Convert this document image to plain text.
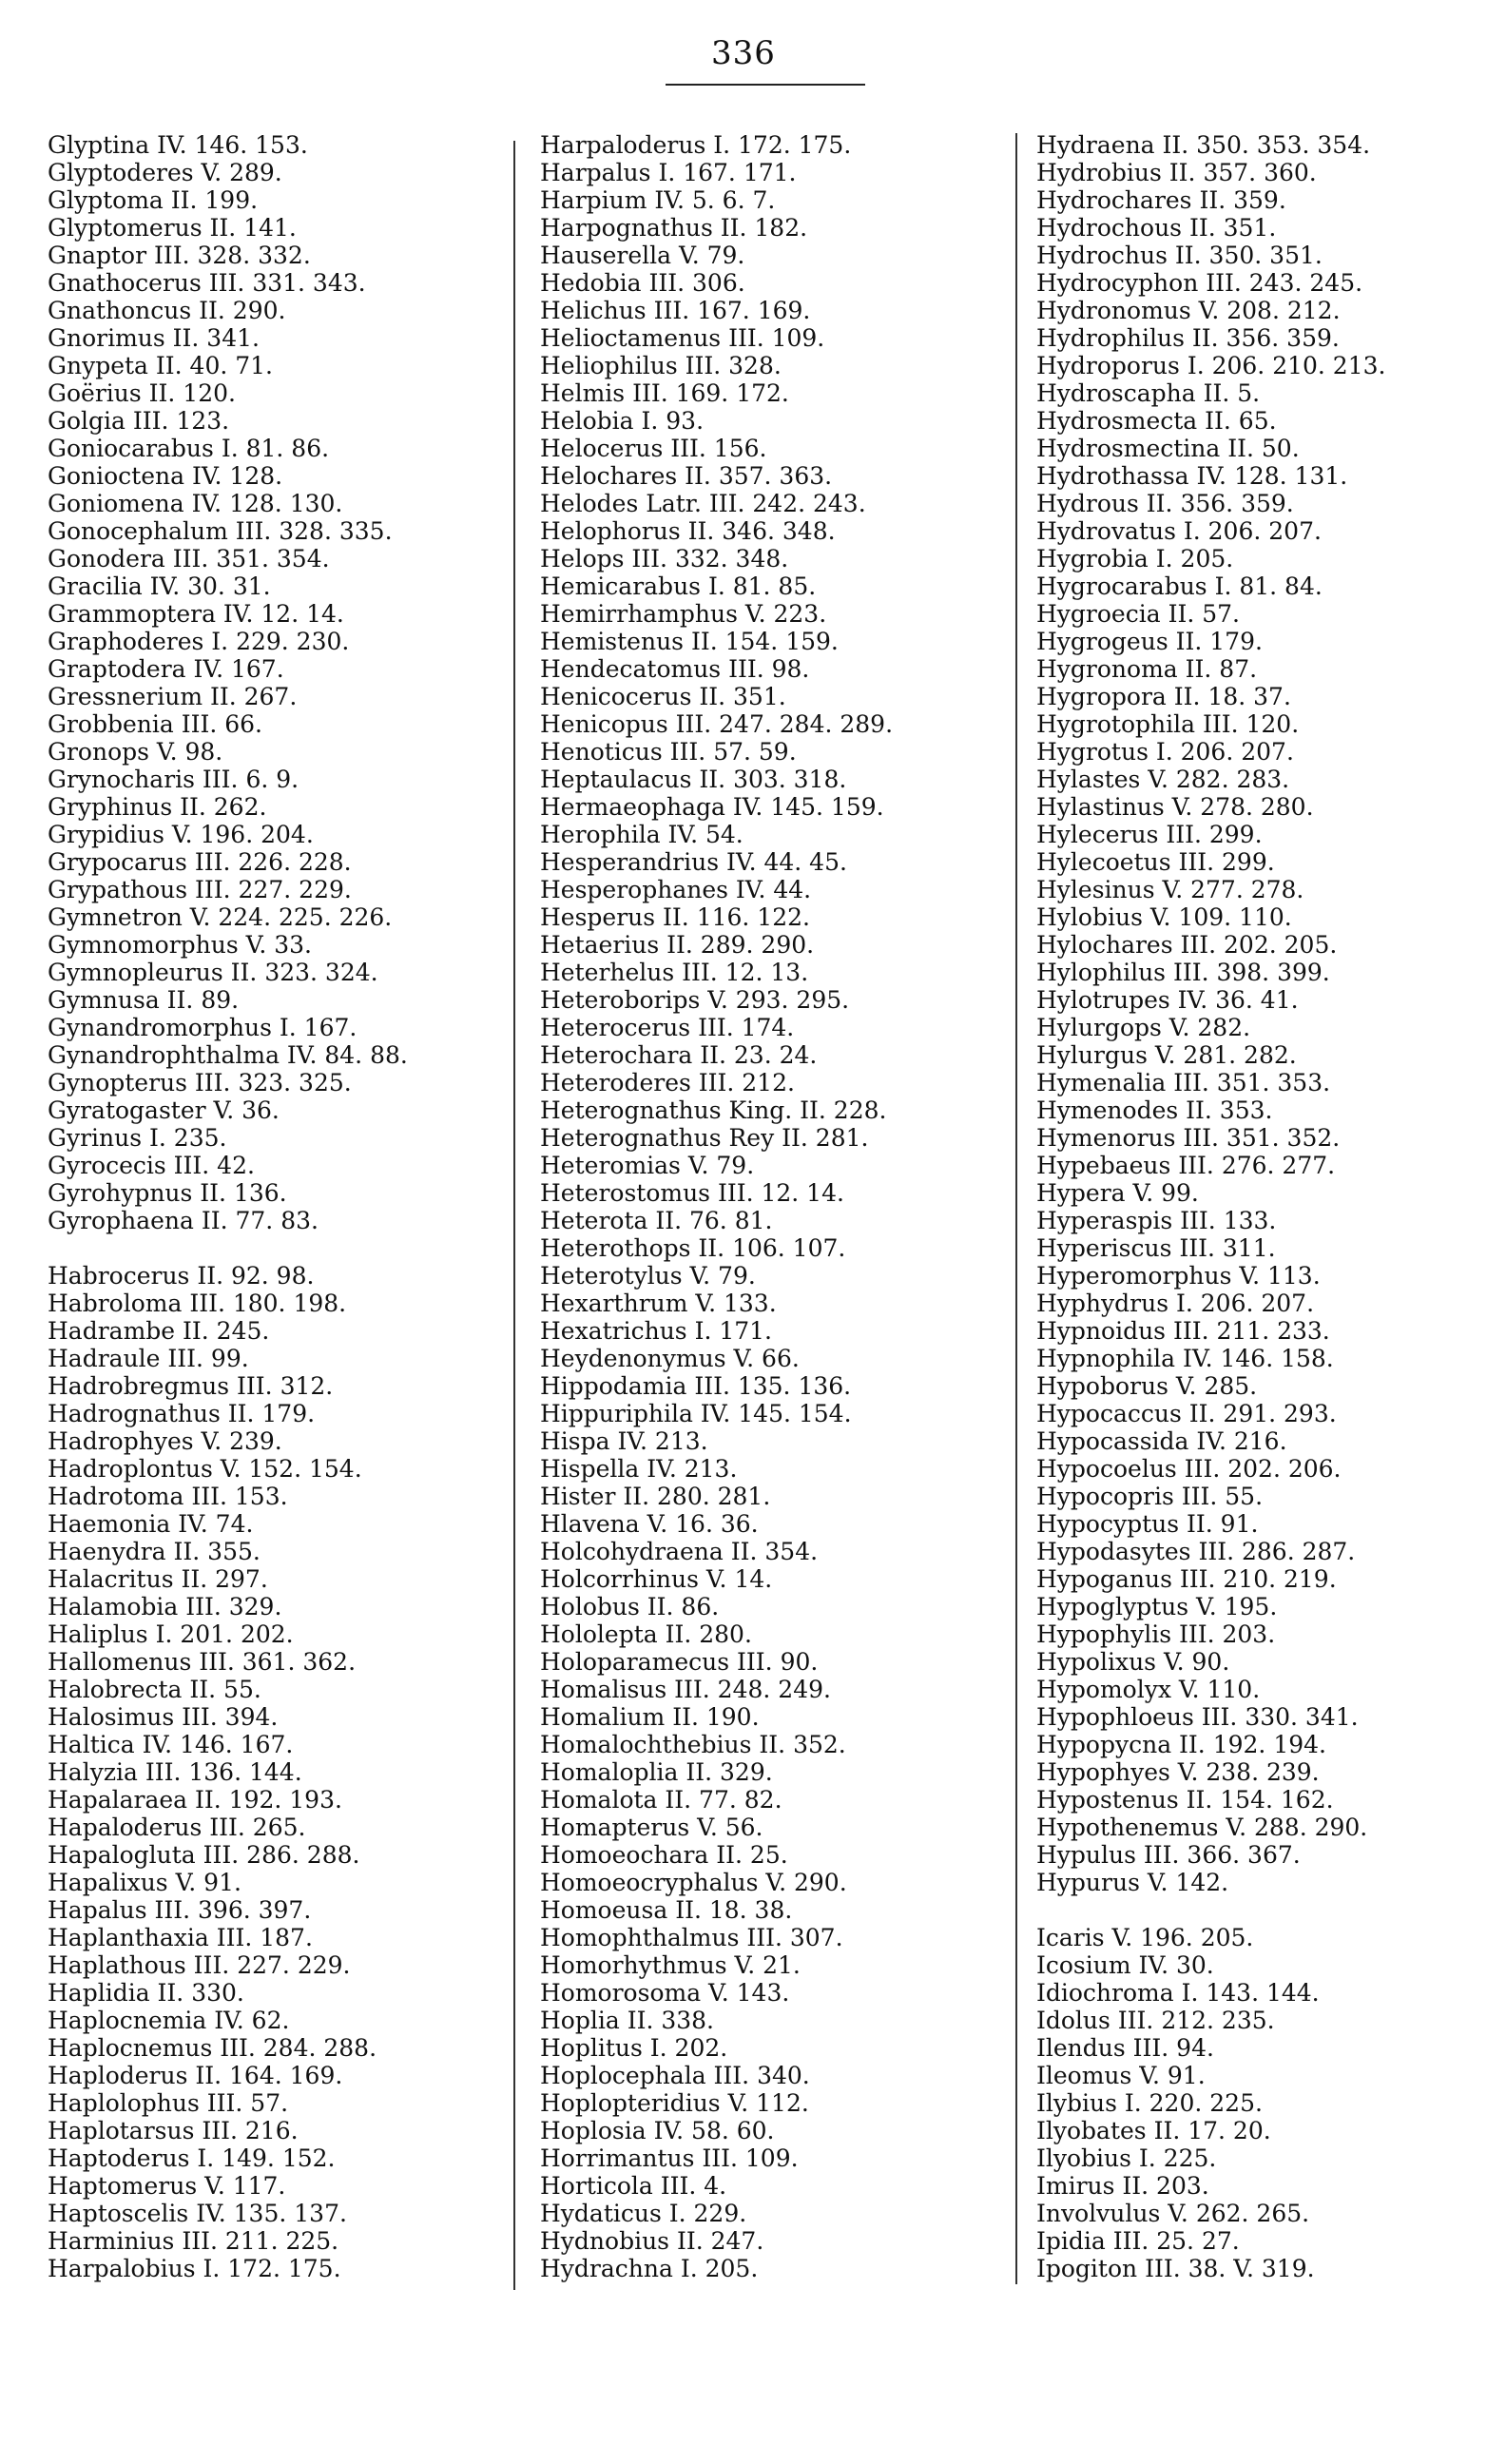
336
Glyptina IV. 146. 153.
Glyptoderes V. 289.
Glyptoma II. 199.
Glyptomerus II. 141.
Gnaptor III. 328. 332.
Gnathocerus III. 331. 343.
Gnathoncus II. 290.
Gnorimus II. 341.
Gnypeta II. 40. 71.
Goërius II. 120.
Golgia III. 123.
Goniocarabus I. 81. 86.
Gonioctena IV. 128.
Goniomena IV. 128. 130.
Gonocephalum III. 328. 335.
Gonodera III. 351. 354.
Gracilia IV. 30. 31.
Grammoptera IV. 12. 14.
Graphoderes I. 229. 230.
Graptodera IV. 167.
Gressnerium II. 267.
Grobbenia III. 66.
Gronops V. 98.
Grynocharis III. 6. 9.
Gryphinus II. 262.
Grypidius V. 196. 204.
Grypocarus III. 226. 228.
Grypathous III. 227. 229.
Gymnetron V. 224. 225. 226.
Gymnomorphus V. 33.
Gymnopleurus II. 323. 324.
Gymnusa II. 89.
Gynandromorphus I. 167.
Gynandrophthalma IV. 84. 88.
Gynopterus III. 323. 325.
Gyratogaster V. 36.
Gyrinus I. 235.
Gyrocecis III. 42.
Gyrohypnus II. 136.
Gyrophaena II. 77. 83.
Habrocerus II. 92. 98.
Habroloma III. 180. 198.
Hadrambe II. 245.
Hadraule III. 99.
Hadrobregmus III. 312.
Hadrognathus II. 179.
Hadrophyes V. 239.
Hadroplontus V. 152. 154.
Hadrotoma III. 153.
Haemonia IV. 74.
Haenydra II. 355.
Halacritus II. 297.
Halamobia III. 329.
Haliplus I. 201. 202.
Hallomenus III. 361. 362.
Halobrecta II. 55.
Halosimus III. 394.
Haltica IV. 146. 167.
Halyzia III. 136. 144.
Hapalaraea II. 192. 193.
Hapaloderus III. 265.
Hapalogluta III. 286. 288.
Hapalixus V. 91.
Hapalus III. 396. 397.
Haplanthaxia III. 187.
Haplathous III. 227. 229.
Haplidia II. 330.
Haplocnemia IV. 62.
Haplocnemus III. 284. 288.
Haploderus II. 164. 169.
Haplolophus III. 57.
Haplotarsus III. 216.
Haptoderus I. 149. 152.
Haptomerus V. 117.
Haptoscelis IV. 135. 137.
Harminius III. 211. 225.
Harpalobius I. 172. 175.
Harpaloderus I. 172. 175.
Harpalus I. 167. 171.
Harpium IV. 5. 6. 7.
Harpognathus II. 182.
Hauserella V. 79.
Hedobia III. 306.
Helichus III. 167. 169.
Helioctamenus III. 109.
Heliophilus III. 328.
Helmis III. 169. 172.
Helobia I. 93.
Helocerus III. 156.
Helochares II. 357. 363.
Helodes Latr. III. 242. 243.
Helophorus II. 346. 348.
Helops III. 332. 348.
Hemicarabus I. 81. 85.
Hemirrhamphus V. 223.
Hemistenus II. 154. 159.
Hendecatomus III. 98.
Henicocerus II. 351.
Henicopus III. 247. 284. 289.
Henoticus III. 57. 59.
Heptaulacus II. 303. 318.
Hermaeophaga IV. 145. 159.
Herophila IV. 54.
Hesperandrius IV. 44. 45.
Hesperophanes IV. 44.
Hesperus II. 116. 122.
Hetaerius II. 289. 290.
Heterhelus III. 12. 13.
Heteroborips V. 293. 295.
Heterocerus III. 174.
Heterochara II. 23. 24.
Heteroderes III. 212.
Heterognathus King. II. 228.
Heterognathus Rey II. 281.
Heteromias V. 79.
Heterostomus III. 12. 14.
Heterota II. 76. 81.
Heterothops II. 106. 107.
Heterotylus V. 79.
Hexarthrum V. 133.
Hexatrichus I. 171.
Heydenonymus V. 66.
Hippodamia III. 135. 136.
Hippuriphila IV. 145. 154.
Hispa IV. 213.
Hispella IV. 213.
Hister II. 280. 281.
Hlavena V. 16. 36.
Holcohydraena II. 354.
Holcorrhinus V. 14.
Holobus II. 86.
Hololepta II. 280.
Holoparamecus III. 90.
Homalisus III. 248. 249.
Homalium II. 190.
Homalochthebius II. 352.
Homaloplia II. 329.
Homalota II. 77. 82.
Homapterus V. 56.
Homoeochara II. 25.
Homoeocryphalus V. 290.
Homoeusa II. 18. 38.
Homophthalmus III. 307.
Homorhythmus V. 21.
Homorosoma V. 143.
Hoplia II. 338.
Hoplitus I. 202.
Hoplocephala III. 340.
Hoplopteridius V. 112.
Hoplosia IV. 58. 60.
Horrimantus III. 109.
Horticola III. 4.
Hydaticus I. 229.
Hydnobius II. 247.
Hydrachna I. 205.
Hydraena II. 350. 353. 354.
Hydrobius II. 357. 360.
Hydrochares II. 359.
Hydrochous II. 351.
Hydrochus II. 350. 351.
Hydrocyphon III. 243. 245.
Hydronomus V. 208. 212.
Hydrophilus II. 356. 359.
Hydroporus I. 206. 210. 213.
Hydroscapha II. 5.
Hydrosmecta II. 65.
Hydrosmectina II. 50.
Hydrothassa IV. 128. 131.
Hydrous II. 356. 359.
Hydrovatus I. 206. 207.
Hygrobia I. 205.
Hygrocarabus I. 81. 84.
Hygroecia II. 57.
Hygrogeus II. 179.
Hygronoma II. 87.
Hygropora II. 18. 37.
Hygrotophila III. 120.
Hygrotus I. 206. 207.
Hylastes V. 282. 283.
Hylastinus V. 278. 280.
Hylecerus III. 299.
Hylecoetus III. 299.
Hylesinus V. 277. 278.
Hylobius V. 109. 110.
Hylochares III. 202. 205.
Hylophilus III. 398. 399.
Hylotrupes IV. 36. 41.
Hylurgops V. 282.
Hylurgus V. 281. 282.
Hymenalia III. 351. 353.
Hymenodes II. 353.
Hymenorus III. 351. 352.
Hypebaeus III. 276. 277.
Hypera V. 99.
Hyperaspis III. 133.
Hyperiscus III. 311.
Hyperomorphus V. 113.
Hyphydrus I. 206. 207.
Hypnoidus III. 211. 233.
Hypnophila IV. 146. 158.
Hypoborus V. 285.
Hypocaccus II. 291. 293.
Hypocassida IV. 216.
Hypocoelus III. 202. 206.
Hypocopris III. 55.
Hypocyptus II. 91.
Hypodasytes III. 286. 287.
Hypoganus III. 210. 219.
Hypoglyptus V. 195.
Hypophylis III. 203.
Hypolixus V. 90.
Hypomolyx V. 110.
Hypophloeus III. 330. 341.
Hypopycna II. 192. 194.
Hypophyes V. 238. 239.
Hypostenus II. 154. 162.
Hypothenemus V. 288. 290.
Hypulus III. 366. 367.
Hypurus V. 142.
Icaris V. 196. 205.
Icosium IV. 30.
Idiochroma I. 143. 144.
Idolus III. 212. 235.
Ilendus III. 94.
Ileomus V. 91.
Ilybius I. 220. 225.
Ilyobates II. 17. 20.
Ilyobius I. 225.
Imirus II. 203.
Involvulus V. 262. 265.
Ipidia III. 25. 27.
Ipogiton III. 38. V. 319.
